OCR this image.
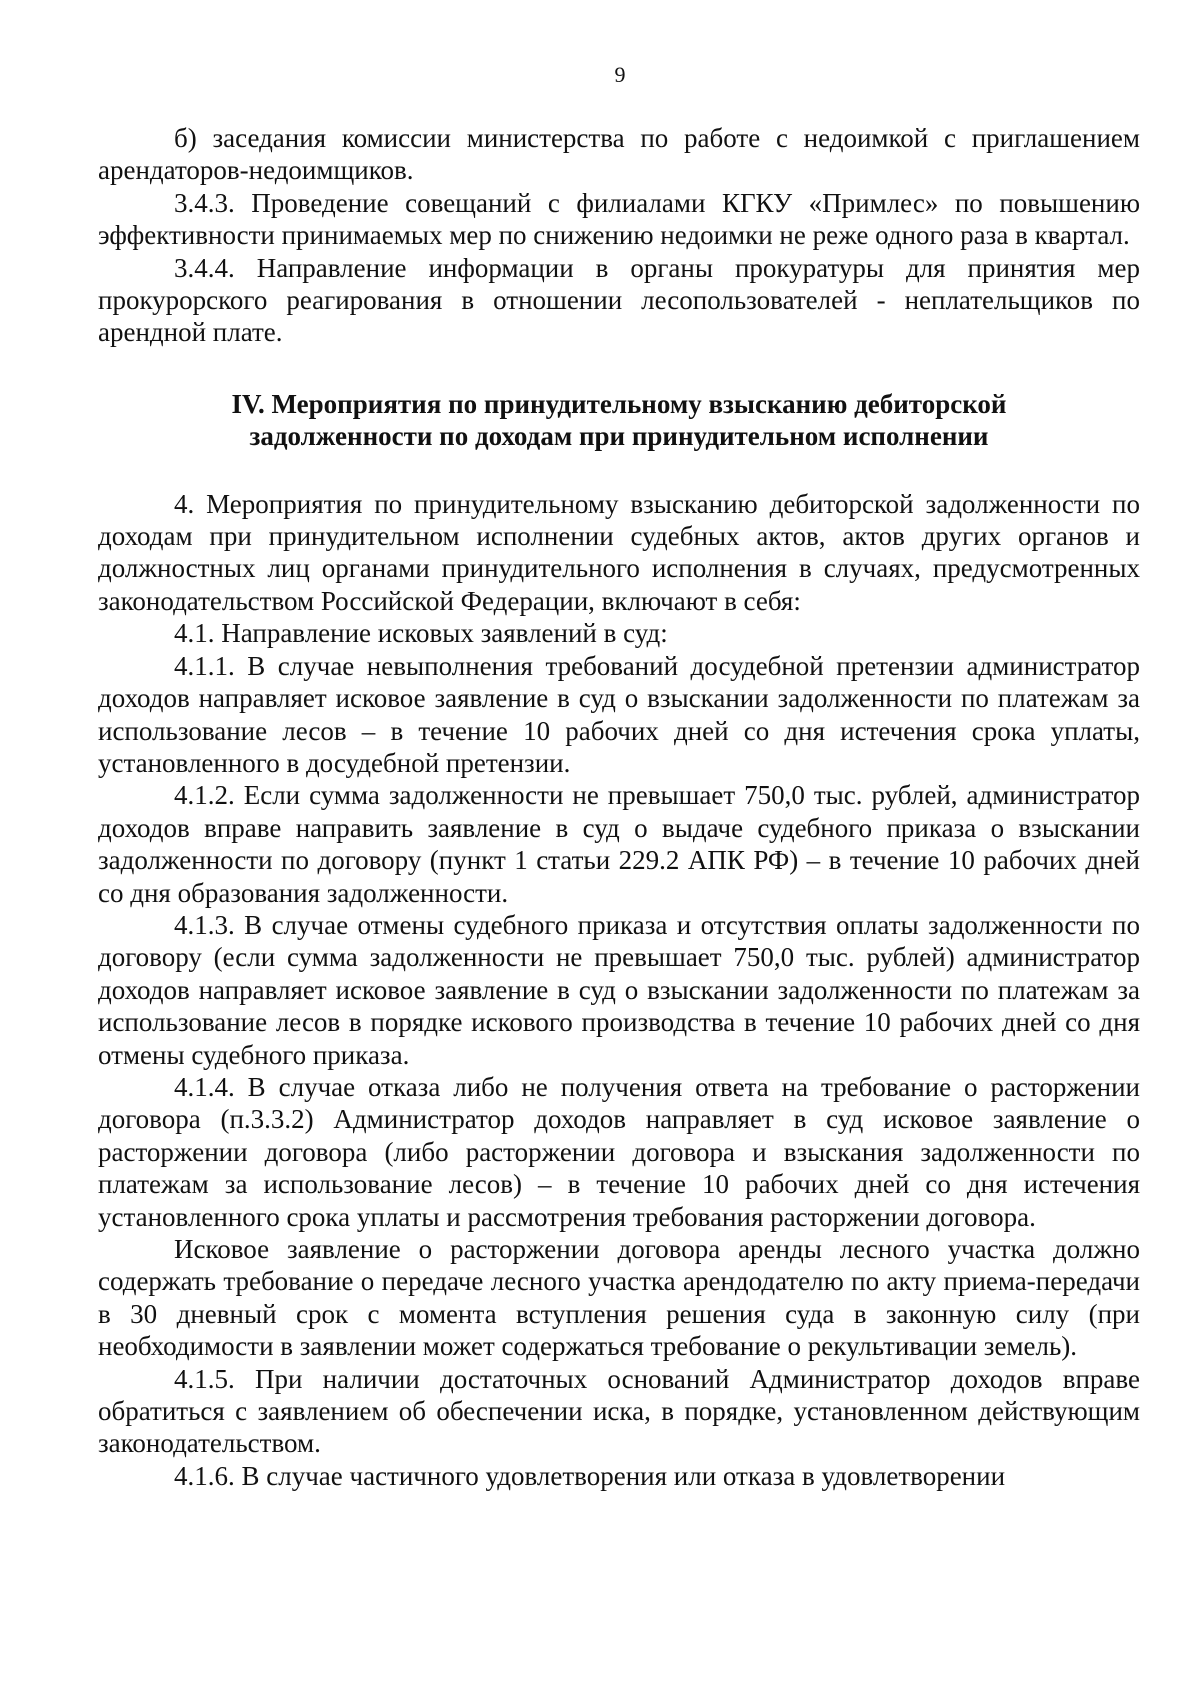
9

б) заседания комиссии министерства по работе с недоимкой с приглашением арендаторов-недоимщиков.

3.4.3. Проведение совещаний с филиалами КГКУ «Примлес» по повышению эффективности принимаемых мер по снижению недоимки не реже одного раза в квартал.

3.4.4. Направление информации в органы прокуратуры для принятия мер прокурорского реагирования в отношении лесопользователей - неплательщиков по арендной плате.

IV. Мероприятия по принудительному взысканию дебиторской задолженности по доходам при принудительном исполнении

4. Мероприятия по принудительному взысканию дебиторской задолженности по доходам при принудительном исполнении судебных актов, актов других органов и должностных лиц органами принудительного исполнения в случаях, предусмотренных законодательством Российской Федерации, включают в себя:

4.1. Направление исковых заявлений в суд:

4.1.1. В случае невыполнения требований досудебной претензии администратор доходов направляет исковое заявление в суд о взыскании задолженности по платежам за использование лесов – в течение 10 рабочих дней со дня истечения срока уплаты, установленного в досудебной претензии.

4.1.2. Если сумма задолженности не превышает 750,0 тыс. рублей, администратор доходов вправе направить заявление в суд о выдаче судебного приказа о взыскании задолженности по договору (пункт 1 статьи 229.2 АПК РФ) – в течение 10 рабочих дней со дня образования задолженности.

4.1.3. В случае отмены судебного приказа и отсутствия оплаты задолженности по договору (если сумма задолженности не превышает 750,0 тыс. рублей) администратор доходов направляет исковое заявление в суд о взыскании задолженности по платежам за использование лесов в порядке искового производства в течение 10 рабочих дней со дня отмены судебного приказа.

4.1.4. В случае отказа либо не получения ответа на требование о расторжении договора (п.3.3.2) Администратор доходов направляет в суд исковое заявление о расторжении договора (либо расторжении договора и взыскания задолженности по платежам за использование лесов) – в течение 10 рабочих дней со дня истечения установленного срока уплаты и рассмотрения требования расторжении договора.

Исковое заявление о расторжении договора аренды лесного участка должно содержать требование о передаче лесного участка арендодателю по акту приема-передачи в 30 дневный срок с момента вступления решения суда в законную силу (при необходимости в заявлении может содержаться требование о рекультивации земель).

4.1.5. При наличии достаточных оснований Администратор доходов вправе обратиться с заявлением об обеспечении иска, в порядке, установленном действующим законодательством.

4.1.6. В случае частичного удовлетворения или отказа в удовлетворении
